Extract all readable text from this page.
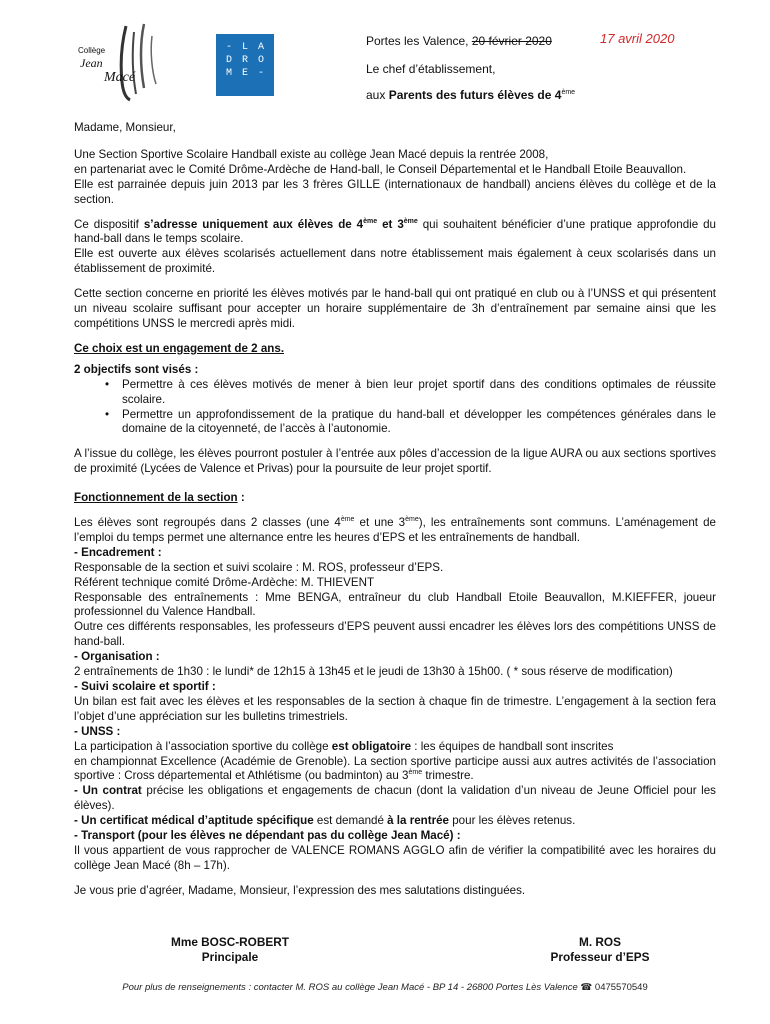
Collège
Jean
Macé
- L A
D R O
M E -
Portes les Valence, 20 février 2020	17 avril 2020
Le chef d’établissement,
aux Parents des futurs élèves de 4ème

Madame, Monsieur,

Une Section Sportive Scolaire Handball existe au collège Jean Macé depuis la rentrée 2008,

en partenariat avec le Comité Drôme-Ardèche de Hand-ball, le Conseil Départemental et le Handball Etoile Beauvallon.

Elle est parrainée depuis juin 2013 par les 3 frères GILLE (internationaux de handball) anciens élèves du collège et de la section.

Ce dispositif s’adresse uniquement aux élèves de 4ème et 3ème qui souhaitent bénéficier d’une pratique approfondie du hand-ball dans le temps scolaire.

Elle est ouverte aux élèves scolarisés actuellement dans notre établissement mais également à ceux scolarisés dans un établissement de proximité.

Cette section concerne en priorité les élèves motivés par le hand-ball qui ont pratiqué en club ou à l’UNSS et qui présentent un niveau scolaire suffisant pour accepter un horaire supplémentaire de 3h d’entraînement par semaine ainsi que les compétitions UNSS le mercredi après midi.

Ce choix est un engagement de 2 ans.

2 objectifs sont visés :

• Permettre à ces élèves motivés de mener à bien leur projet sportif dans des conditions optimales de réussite scolaire.
• Permettre un approfondissement de la pratique du hand-ball et développer les compétences générales dans le domaine de la citoyenneté, de l’accès à l’autonomie.

A l’issue du collège, les élèves pourront postuler à l’entrée aux pôles d’accession de la ligue AURA ou aux sections sportives de proximité (Lycées de Valence et Privas) pour la poursuite de leur projet sportif.

Fonctionnement de la section :

Les élèves sont regroupés dans 2 classes (une 4ème et une 3ème), les entraînements sont communs. L’aménagement de l’emploi du temps permet une alternance entre les heures d’EPS et les entraînements de handball.

- Encadrement :

Responsable de la section et suivi scolaire : M. ROS, professeur d’EPS.

Référent technique comité Drôme-Ardèche: M. THIEVENT

Responsable des entraînements : Mme BENGA, entraîneur du club Handball Etoile Beauvallon, M.KIEFFER, joueur professionnel du Valence Handball.

Outre ces différents responsables, les professeurs d’EPS peuvent aussi encadrer les élèves lors des compétitions UNSS de hand-ball.

- Organisation :

2 entraînements de 1h30 : le lundi* de 12h15 à 13h45 et le jeudi de 13h30 à 15h00. ( * sous réserve de modification)

- Suivi scolaire et sportif :

Un bilan est fait avec les élèves et les responsables de la section à chaque fin de trimestre. L’engagement à la section fera l’objet d’une appréciation sur les bulletins trimestriels.

- UNSS :

La participation à l’association sportive du collège est obligatoire : les équipes de handball sont inscrites

en championnat Excellence (Académie de Grenoble). La section sportive participe aussi aux autres activités de l’association sportive : Cross départemental et Athlétisme (ou badminton) au 3ème trimestre.

- Un contrat précise les obligations et engagements de chacun (dont la validation d’un niveau de Jeune Officiel pour les élèves).

- Un certificat médical d’aptitude spécifique est demandé à la rentrée pour les élèves retenus.

- Transport (pour les élèves ne dépendant pas du collège Jean Macé) :

Il vous appartient de vous rapprocher de VALENCE ROMANS AGGLO afin de vérifier la compatibilité avec les horaires du collège Jean Macé (8h – 17h).

Je vous prie d’agréer, Madame, Monsieur, l’expression des mes salutations distinguées.

Mme BOSC-ROBERT
Principale
M. ROS
Professeur d’EPS
Pour plus de renseignements : contacter M. ROS au collège Jean Macé - BP 14 - 26800 Portes Lès Valence ☎ 0475570549
